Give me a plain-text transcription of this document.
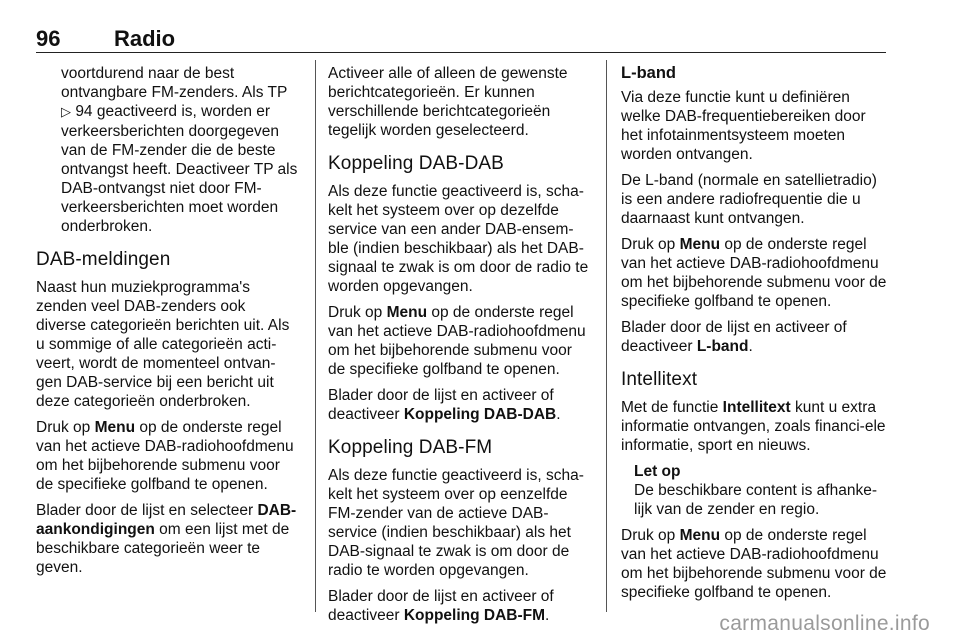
96 Radio

voortdurend naar de best ontvangbare FM-zenders. Als TP ▷ 94 geactiveerd is, worden er verkeersberichten doorgegeven van de FM-zender die de beste ontvangst heeft. Deactiveer TP als DAB-ontvangst niet door FM-verkeersberichten moet worden onderbroken.

DAB-meldingen

Naast hun muziekprogramma's zenden veel DAB-zenders ook diverse categorieën berichten uit. Als u sommige of alle categorieën acti-veert, wordt de momenteel ontvan-gen DAB-service bij een bericht uit deze categorieën onderbroken.

Druk op Menu op de onderste regel van het actieve DAB-radiohoofdmenu om het bijbehorende submenu voor de specifieke golfband te openen.

Blader door de lijst en selecteer DAB-aankondigingen om een lijst met de beschikbare categorieën weer te geven.

Activeer alle of alleen de gewenste berichtcategorieën. Er kunnen verschillende berichtcategorieën tegelijk worden geselecteerd.

Koppeling DAB-DAB

Als deze functie geactiveerd is, scha-kelt het systeem over op dezelfde service van een ander DAB-ensem-ble (indien beschikbaar) als het DAB-signaal te zwak is om door de radio te worden opgevangen.

Druk op Menu op de onderste regel van het actieve DAB-radiohoofdmenu om het bijbehorende submenu voor de specifieke golfband te openen.

Blader door de lijst en activeer of deactiveer Koppeling DAB-DAB.

Koppeling DAB-FM

Als deze functie geactiveerd is, scha-kelt het systeem over op eenzelfde FM-zender van de actieve DAB-service (indien beschikbaar) als het DAB-signaal te zwak is om door de radio te worden opgevangen.

Blader door de lijst en activeer of deactiveer Koppeling DAB-FM.

L-band

Via deze functie kunt u definiëren welke DAB-frequentiebereiken door het infotainmentsysteem moeten worden ontvangen.

De L-band (normale en satellietradio) is een andere radiofrequentie die u daarnaast kunt ontvangen.

Druk op Menu op de onderste regel van het actieve DAB-radiohoofdmenu om het bijbehorende submenu voor de specifieke golfband te openen.

Blader door de lijst en activeer of deactiveer L-band.

Intellitext

Met de functie Intellitext kunt u extra informatie ontvangen, zoals financi-ele informatie, sport en nieuws.

Let op
De beschikbare content is afhanke-lijk van de zender en regio.

Druk op Menu op de onderste regel van het actieve DAB-radiohoofdmenu om het bijbehorende submenu voor de specifieke golfband te openen.

carmanualsonline.info
